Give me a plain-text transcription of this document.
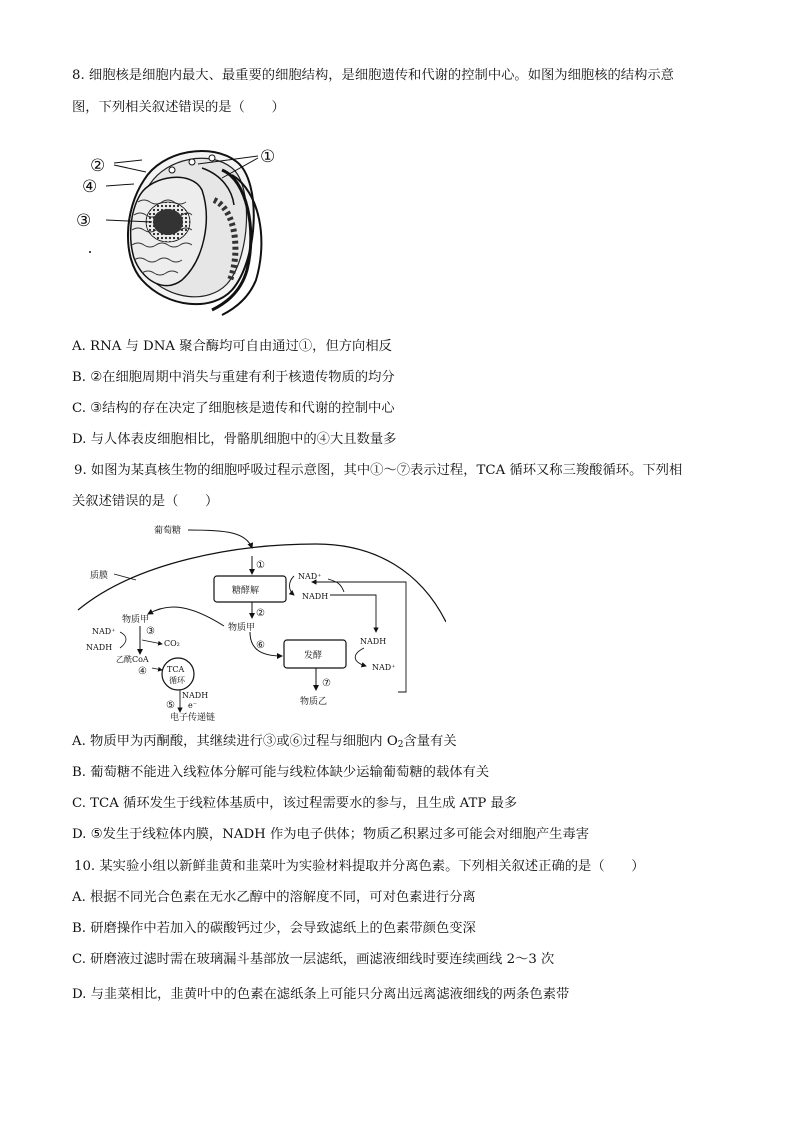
8. 细胞核是细胞内最大、最重要的细胞结构，是细胞遗传和代谢的控制中心。如图为细胞核的结构示意
图，下列相关叙述错误的是（　　）
②	①
④
③
A. RNA 与 DNA 聚合酶均可自由通过①，但方向相反
B. ②在细胞周期中消失与重建有利于核遗传物质的均分
C. ③结构的存在决定了细胞核是遗传和代谢的控制中心
D. 与人体表皮细胞相比，骨骼肌细胞中的④大且数量多
9. 如图为某真核生物的细胞呼吸过程示意图，其中①～⑦表示过程，TCA 循环又称三羧酸循环。下列相
关叙述错误的是（　　）
质膜
葡萄糖
①
糖酵解
NAD⁺
NADH
②
物质甲
⑥
发酵
NADH
NAD⁺
⑦
物质乙
物质甲
NAD⁺	③
NADH	CO₂
乙酰CoA
④	TCA
循环
NADH
⑤ e⁻
电子传递链
A. 物质甲为丙酮酸，其继续进行③或⑥过程与细胞内 $O_2$含量有关
B. 葡萄糖不能进入线粒体分解可能与线粒体缺少运输葡萄糖的载体有关
C. TCA 循环发生于线粒体基质中，该过程需要水的参与，且生成 ATP 最多
D. ⑤发生于线粒体内膜，NADH 作为电子供体；物质乙积累过多可能会对细胞产生毒害
10. 某实验小组以新鲜韭黄和韭菜叶为实验材料提取并分离色素。下列相关叙述正确的是（　　）
A. 根据不同光合色素在无水乙醇中的溶解度不同，可对色素进行分离
B. 研磨操作中若加入的碳酸钙过少，会导致滤纸上的色素带颜色变深
C. 研磨液过滤时需在玻璃漏斗基部放一层滤纸，画滤液细线时要连续画线 2～3 次
D. 与韭菜相比，韭黄叶中的色素在滤纸条上可能只分离出远离滤液细线的两条色素带
